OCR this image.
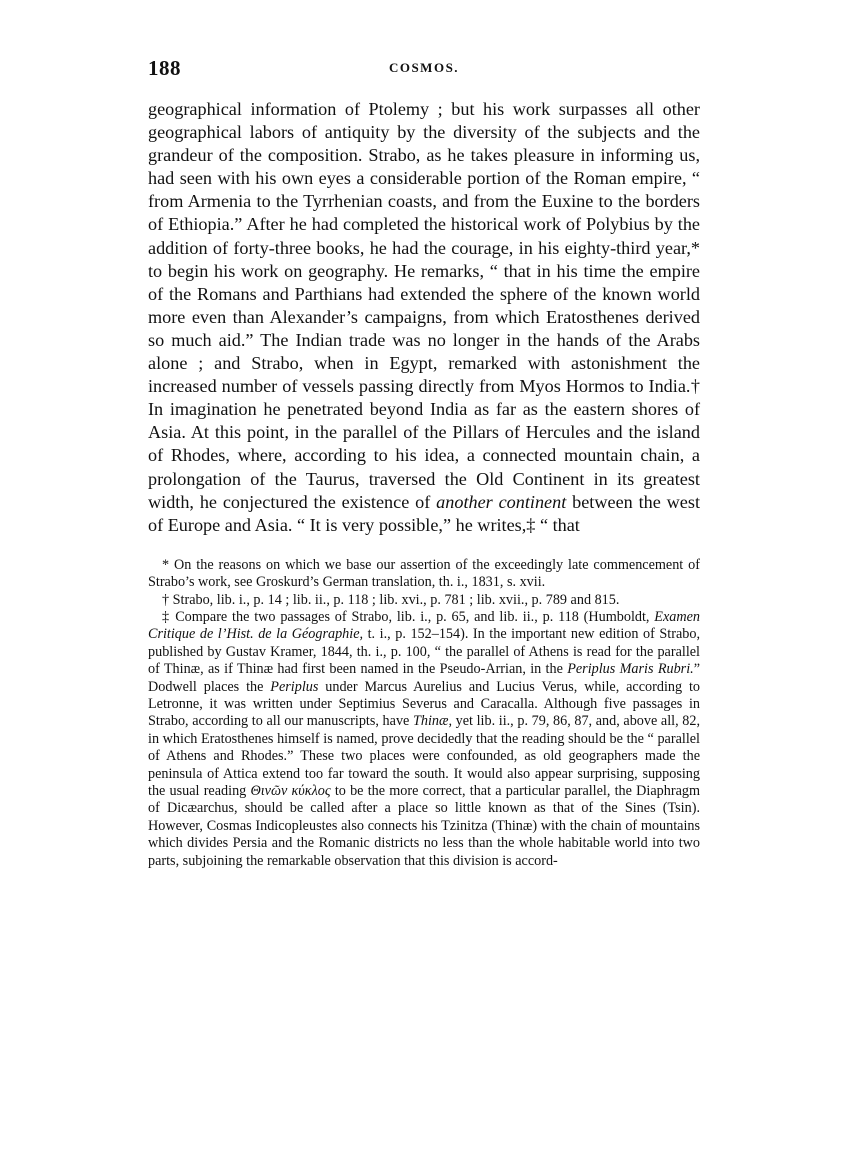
188	COSMOS.

geographical information of Ptolemy ; but his work surpasses all other geographical labors of antiquity by the diversity of the subjects and the grandeur of the composition. Strabo, as he takes pleasure in informing us, had seen with his own eyes a considerable portion of the Roman empire, “ from Armenia to the Tyrrhenian coasts, and from the Euxine to the borders of Ethiopia.” After he had completed the historical work of Polybius by the addition of forty-three books, he had the courage, in his eighty-third year,* to begin his work on geography. He remarks, “ that in his time the empire of the Romans and Parthians had extended the sphere of the known world more even than Alexander’s campaigns, from which Eratosthenes derived so much aid.” The Indian trade was no longer in the hands of the Arabs alone ; and Strabo, when in Egypt, remarked with astonishment the increased number of vessels passing directly from Myos Hormos to India.† In imagination he penetrated beyond India as far as the eastern shores of Asia. At this point, in the parallel of the Pillars of Hercules and the island of Rhodes, where, according to his idea, a connected mountain chain, a prolongation of the Taurus, traversed the Old Continent in its greatest width, he conjectured the existence of another continent between the west of Europe and Asia. “ It is very possible,” he writes,‡ “ that

* On the reasons on which we base our assertion of the exceedingly late commencement of Strabo’s work, see Groskurd’s German translation, th. i., 1831, s. xvii.

† Strabo, lib. i., p. 14 ; lib. ii., p. 118 ; lib. xvi., p. 781 ; lib. xvii., p. 789 and 815.

‡ Compare the two passages of Strabo, lib. i., p. 65, and lib. ii., p. 118 (Humboldt, Examen Critique de l’Hist. de la Géographie, t. i., p. 152–154). In the important new edition of Strabo, published by Gustav Kramer, 1844, th. i., p. 100, “ the parallel of Athens is read for the parallel of Thinæ, as if Thinæ had first been named in the Pseudo-Arrian, in the Periplus Maris Rubri.” Dodwell places the Periplus under Marcus Aurelius and Lucius Verus, while, according to Letronne, it was written under Septimius Severus and Caracalla. Although five passages in Strabo, according to all our manuscripts, have Thinæ, yet lib. ii., p. 79, 86, 87, and, above all, 82, in which Eratosthenes himself is named, prove decidedly that the reading should be the “ parallel of Athens and Rhodes.” These two places were confounded, as old geographers made the peninsula of Attica extend too far toward the south. It would also appear surprising, supposing the usual reading Θινῶν κύκλος to be the more correct, that a particular parallel, the Diaphragm of Dicæarchus, should be called after a place so little known as that of the Sines (Tsin). However, Cosmas Indicopleustes also connects his Tzinitza (Thinæ) with the chain of mountains which divides Persia and the Romanic districts no less than the whole habitable world into two parts, subjoining the remarkable observation that this division is accord-
